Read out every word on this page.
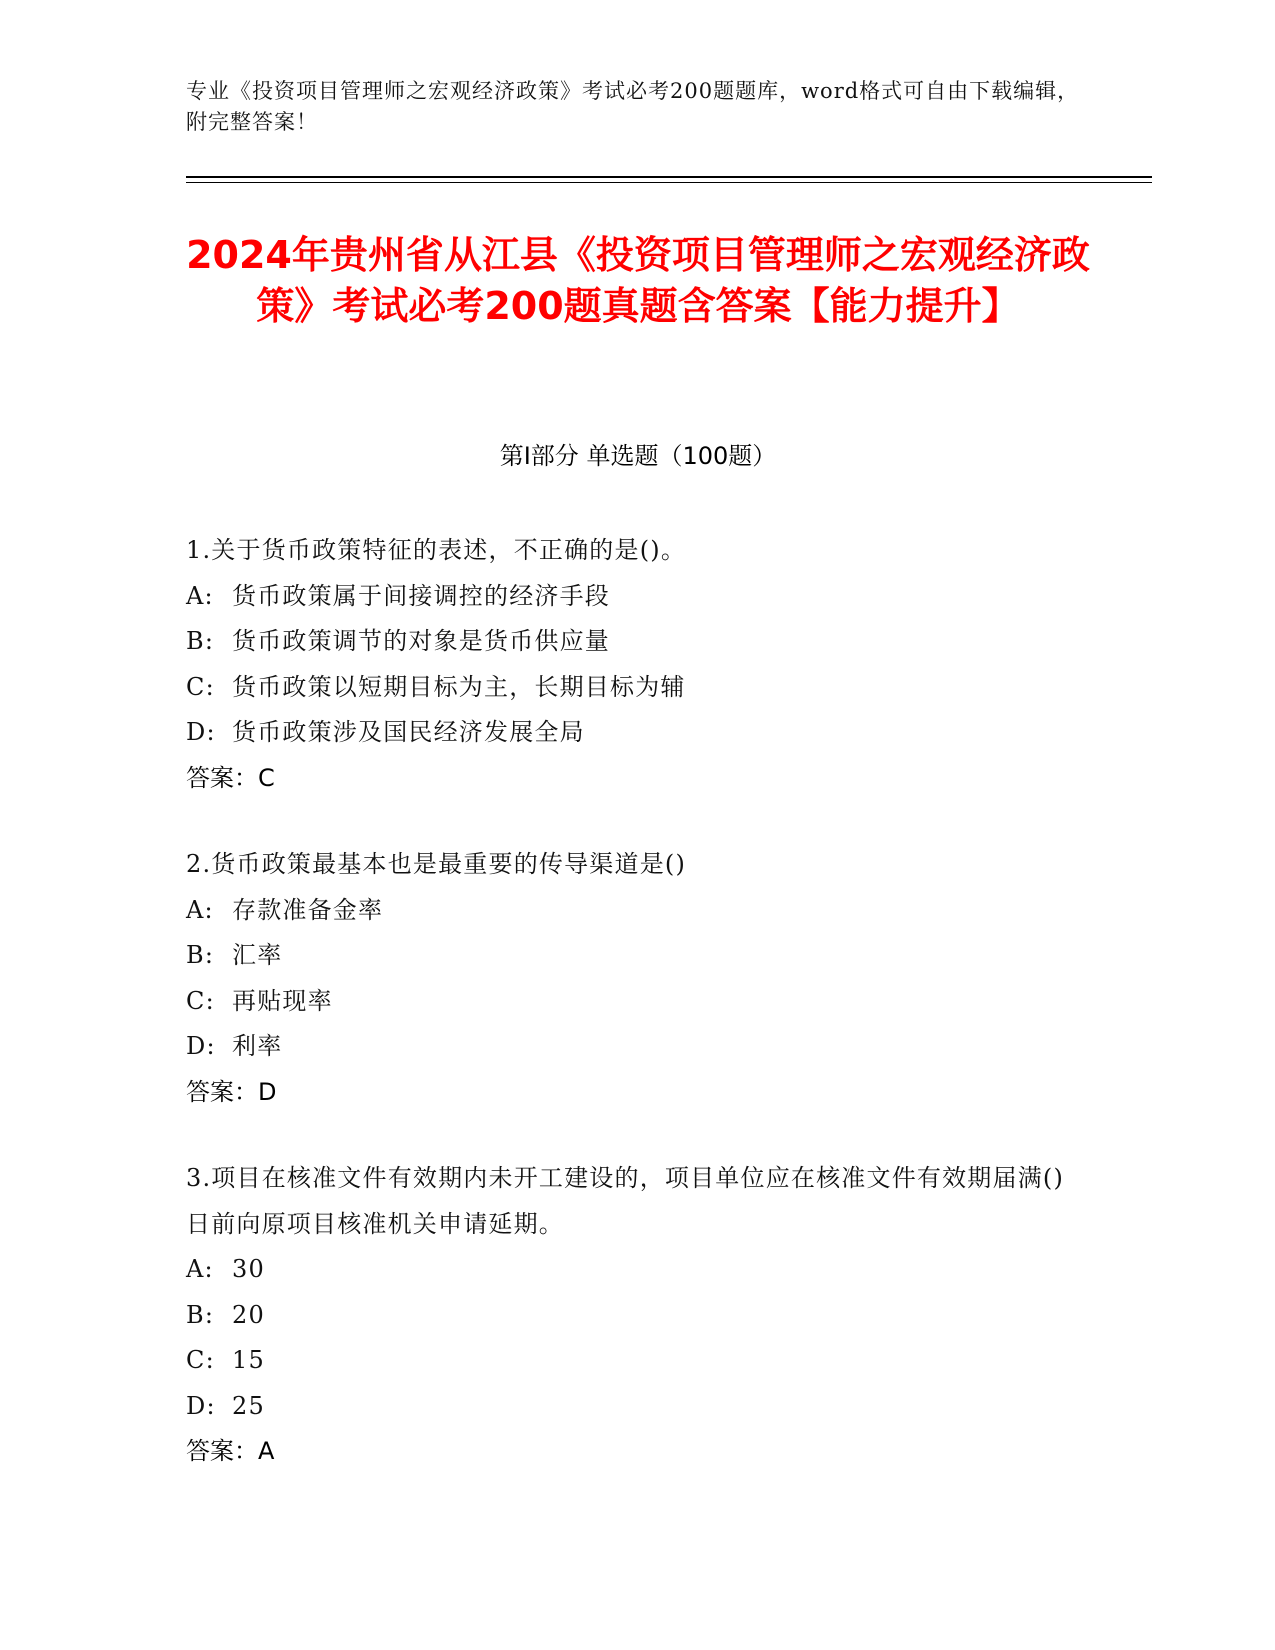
专业《投资项目管理师之宏观经济政策》考试必考200题题库，word格式可自由下载编辑，附完整答案！
2024年贵州省从江县《投资项目管理师之宏观经济政策》考试必考200题真题含答案【能力提升】
第I部分 单选题（100题）
1.关于货币政策特征的表述，不正确的是()。
A: 货币政策属于间接调控的经济手段
B: 货币政策调节的对象是货币供应量
C: 货币政策以短期目标为主，长期目标为辅
D: 货币政策涉及国民经济发展全局
答案：C
2.货币政策最基本也是最重要的传导渠道是()
A: 存款准备金率
B: 汇率
C: 再贴现率
D: 利率
答案：D
3.项目在核准文件有效期内未开工建设的，项目单位应在核准文件有效期届满()日前向原项目核准机关申请延期。
A: 30
B: 20
C: 15
D: 25
答案：A
